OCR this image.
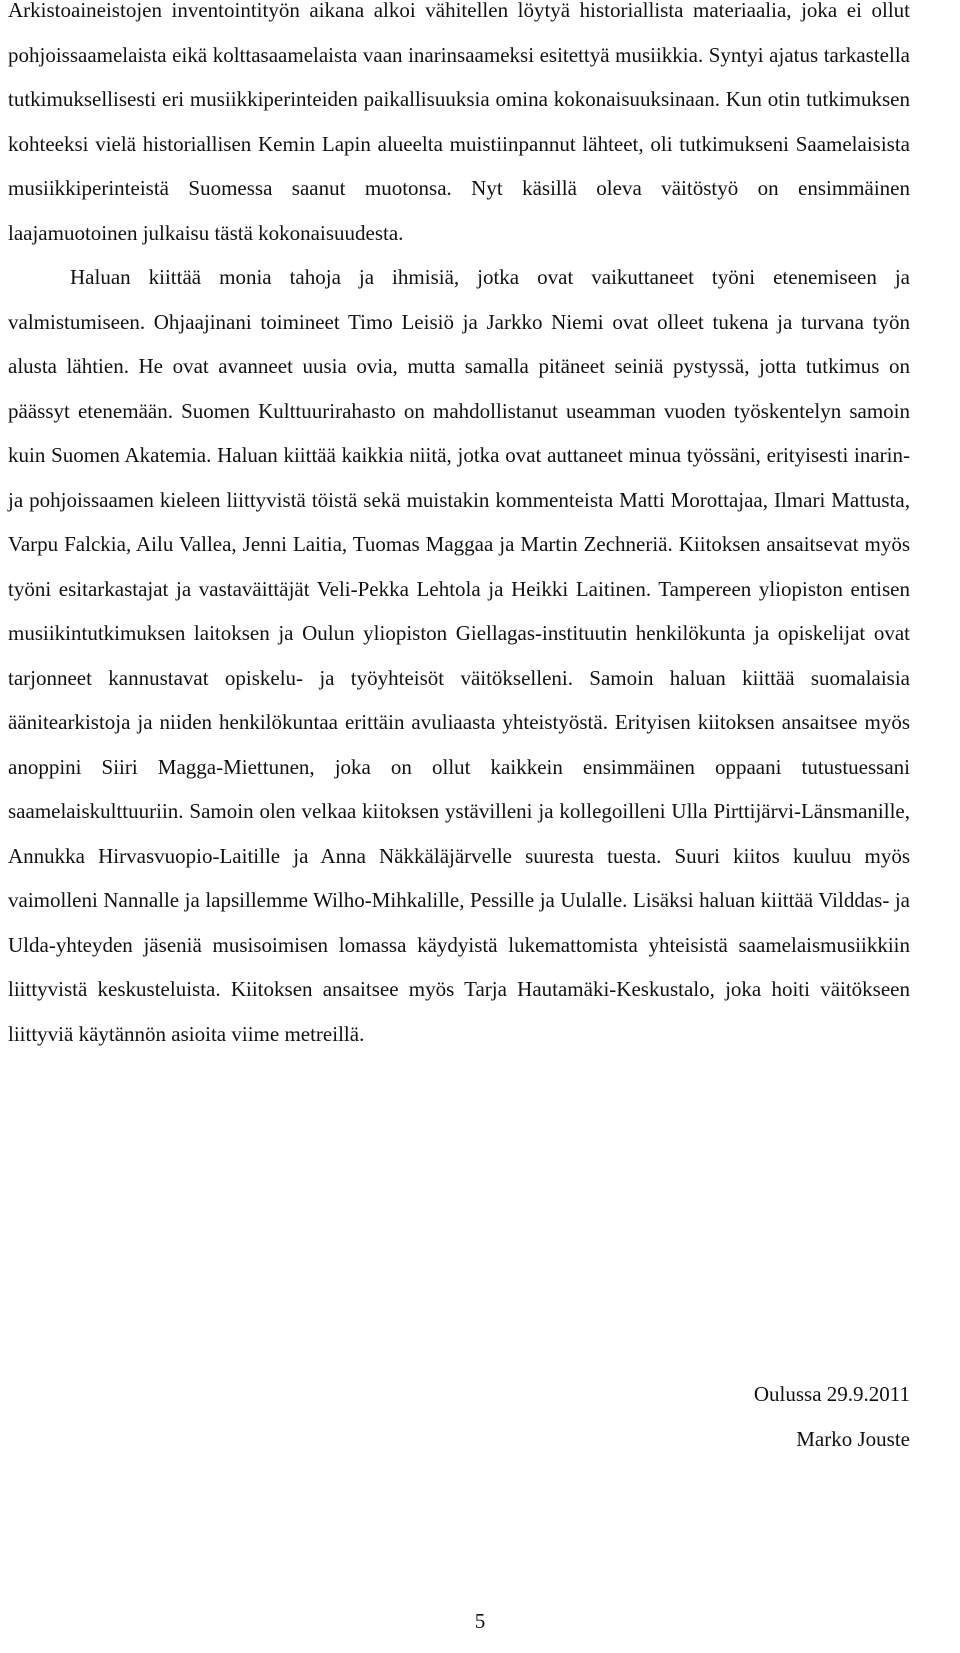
Arkistoaineistojen inventointityön aikana alkoi vähitellen löytyä historiallista materiaalia, joka ei ollut pohjoissaamelaista eikä kolttasaamelaista vaan inarinsaameksi esitettyä musiikkia. Syntyi ajatus tarkastella tutkimuksellisesti eri musiikkiperinteiden paikallisuuksia omina kokonaisuuksinaan. Kun otin tutkimuksen kohteeksi vielä historiallisen Kemin Lapin alueelta muistiinpannut lähteet, oli tutkimukseni Saamelaisista musiikkiperinteistä Suomessa saanut muotonsa. Nyt käsillä oleva väitöstyö on ensimmäinen laajamuotoinen julkaisu tästä kokonaisuudesta.

Haluan kiittää monia tahoja ja ihmisiä, jotka ovat vaikuttaneet työni etenemiseen ja valmistumiseen. Ohjaajinani toimineet Timo Leisiö ja Jarkko Niemi ovat olleet tukena ja turvana työn alusta lähtien. He ovat avanneet uusia ovia, mutta samalla pitäneet seiniä pystyssä, jotta tutkimus on päässyt etenemään. Suomen Kulttuurirahasto on mahdollistanut useamman vuoden työskentelyn samoin kuin Suomen Akatemia. Haluan kiittää kaikkia niitä, jotka ovat auttaneet minua työssäni, erityisesti inarin- ja pohjoissaamen kieleen liittyvistä töistä sekä muistakin kommenteista Matti Morottajaa, Ilmari Mattusta, Varpu Falckia, Ailu Vallea, Jenni Laitia, Tuomas Maggaa ja Martin Zechneriä. Kiitoksen ansaitsevat myös työni esitarkastajat ja vastaväittäjät Veli-Pekka Lehtola ja Heikki Laitinen. Tampereen yliopiston entisen musiikintutkimuksen laitoksen ja Oulun yliopiston Giellagas-instituutin henkilökunta ja opiskelijat ovat tarjonneet kannustavat opiskelu- ja työyhteisöt väitökselleni. Samoin haluan kiittää suomalaisia äänitearkistoja ja niiden henkilökuntaa erittäin avuliaasta yhteistyöstä. Erityisen kiitoksen ansaitsee myös anoppini Siiri Magga-Miettunen, joka on ollut kaikkein ensimmäinen oppaani tutustuessani saamelaiskulttuuriin. Samoin olen velkaa kiitoksen ystävilleni ja kollegoilleni Ulla Pirttijärvi-Länsmanille, Annukka Hirvasvuopio-Laitille ja Anna Näkkäläjärvelle suuresta tuesta. Suuri kiitos kuuluu myös vaimolleni Nannalle ja lapsillemme Wilho-Mihkalille, Pessille ja Uulalle. Lisäksi haluan kiittää Vilddas- ja Ulda-yhteyden jäseniä musisoimisen lomassa käydyistä lukemattomista yhteisistä saamelaismusiikkiin liittyvistä keskusteluista. Kiitoksen ansaitsee myös Tarja Hautamäki-Keskustalo, joka hoiti väitökseen liittyviä käytännön asioita viime metreillä.

Oulussa 29.9.2011
Marko Jouste
5
